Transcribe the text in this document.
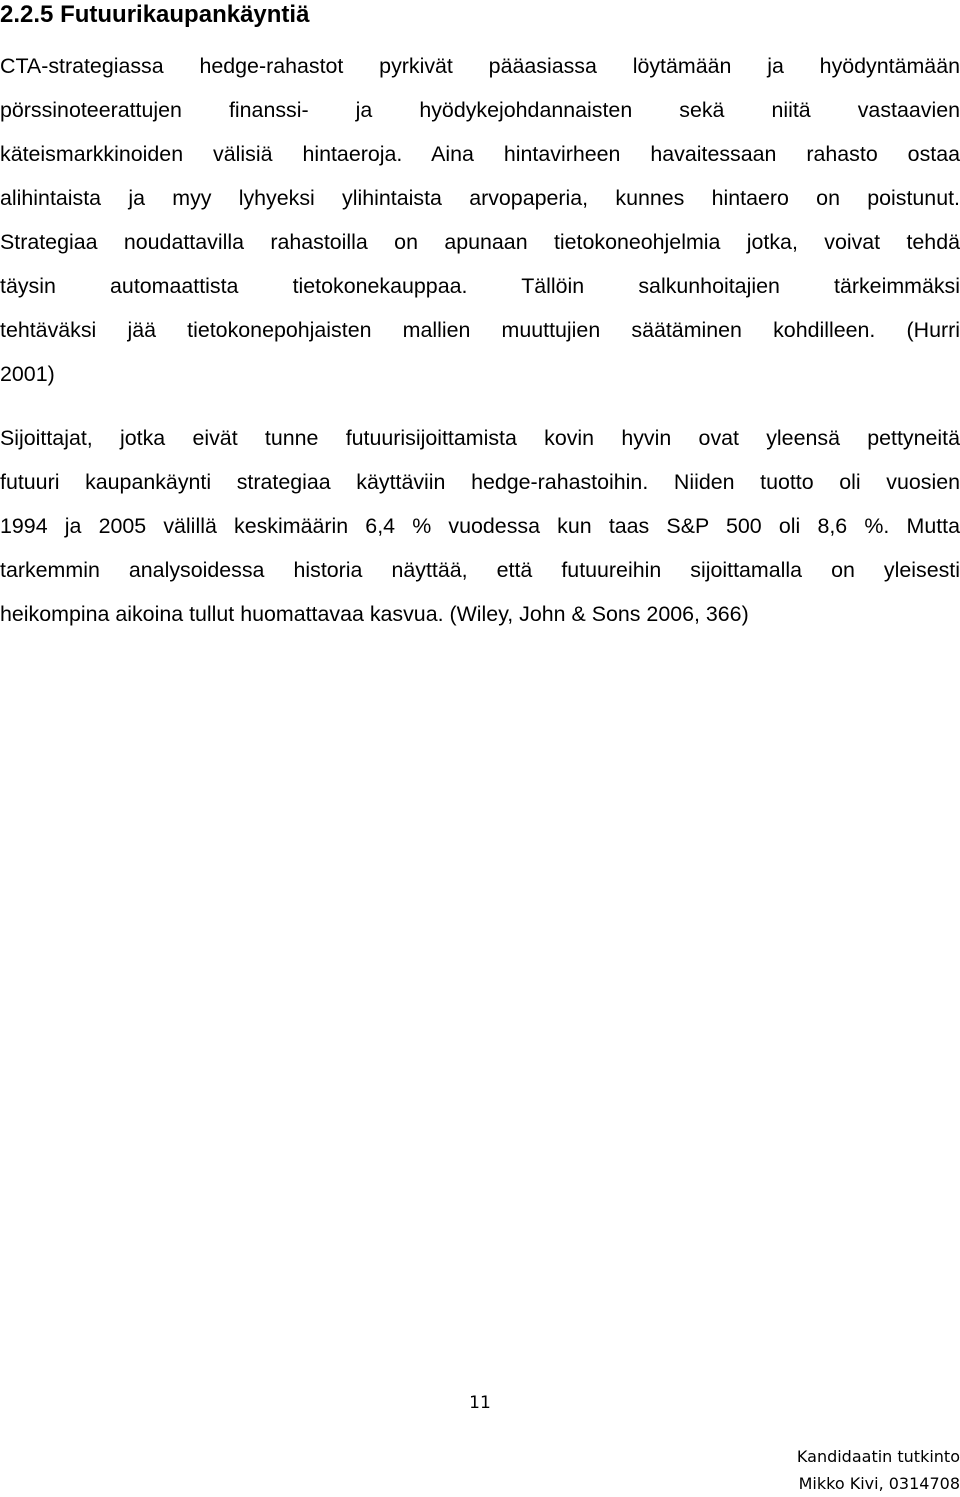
2.2.5 Futuurikaupankäyntiä
CTA-strategiassa hedge-rahastot pyrkivät pääasiassa löytämään ja hyödyntämään
pörssinoteerattujen finanssi- ja hyödykejohdannaisten sekä niitä vastaavien
käteismarkkinoiden välisiä hintaeroja. Aina hintavirheen havaitessaan rahasto ostaa
alihintaista ja myy lyhyeksi ylihintaista arvopaperia, kunnes hintaero on poistunut.
Strategiaa noudattavilla rahastoilla on apunaan tietokoneohjelmia jotka, voivat tehdä
täysin automaattista tietokonekauppaa. Tällöin salkunhoitajien tärkeimmäksi
tehtäväksi jää tietokonepohjaisten mallien muuttujien säätäminen kohdilleen. (Hurri
2001)
Sijoittajat, jotka eivät tunne futuurisijoittamista kovin hyvin ovat yleensä pettyneitä
futuuri kaupankäynti strategiaa käyttäviin hedge-rahastoihin. Niiden tuotto oli vuosien
1994 ja 2005 välillä keskimäärin 6,4 % vuodessa kun taas S&P 500 oli 8,6 %. Mutta
tarkemmin analysoidessa historia näyttää, että futuureihin sijoittamalla on yleisesti
heikompina aikoina tullut huomattavaa kasvua. (Wiley, John & Sons 2006, 366)
11
Kandidaatin tutkinto
Mikko Kivi, 0314708
